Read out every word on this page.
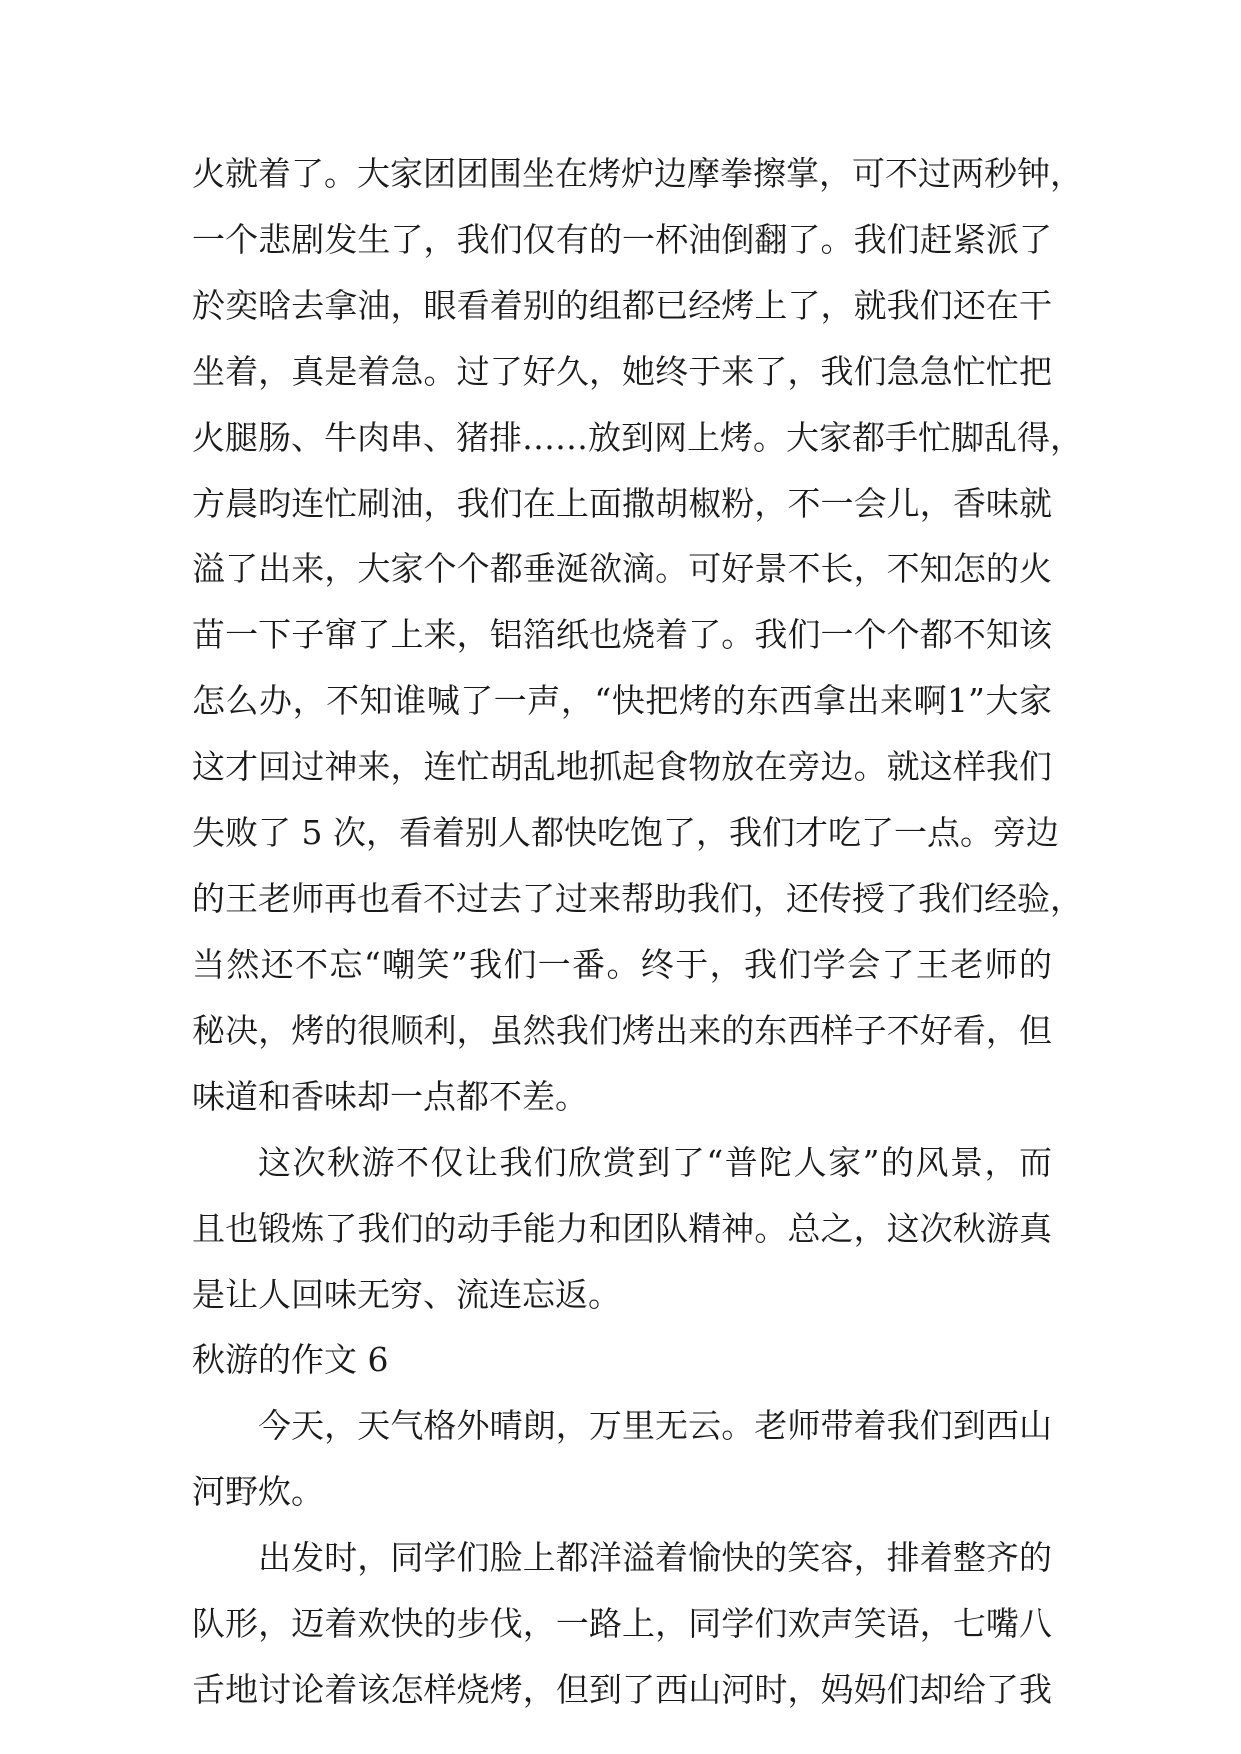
火就着了。大家团团围坐在烤炉边摩拳擦掌，可不过两秒钟，
一个悲剧发生了，我们仅有的一杯油倒翻了。我们赶紧派了
於奕晗去拿油，眼看着别的组都已经烤上了，就我们还在干
坐着，真是着急。过了好久，她终于来了，我们急急忙忙把
火腿肠、牛肉串、猪排……放到网上烤。大家都手忙脚乱得，
方晨昀连忙刷油，我们在上面撒胡椒粉，不一会儿，香味就
溢了出来，大家个个都垂涎欲滴。可好景不长，不知怎的火
苗一下子窜了上来，铝箔纸也烧着了。我们一个个都不知该
怎么办，不知谁喊了一声，“快把烤的东西拿出来啊1”大家
这才回过神来，连忙胡乱地抓起食物放在旁边。就这样我们
失败了 5 次，看着别人都快吃饱了，我们才吃了一点。旁边
的王老师再也看不过去了过来帮助我们，还传授了我们经验，
当然还不忘“嘲笑”我们一番。终于，我们学会了王老师的
秘决，烤的很顺利，虽然我们烤出来的东西样子不好看，但
味道和香味却一点都不差。
这次秋游不仅让我们欣赏到了“普陀人家”的风景，而
且也锻炼了我们的动手能力和团队精神。总之，这次秋游真
是让人回味无穷、流连忘返。
秋游的作文 6
今天，天气格外晴朗，万里无云。老师带着我们到西山
河野炊。
出发时，同学们脸上都洋溢着愉快的笑容，排着整齐的
队形，迈着欢快的步伐，一路上，同学们欢声笑语，七嘴八
舌地讨论着该怎样烧烤，但到了西山河时，妈妈们却给了我
